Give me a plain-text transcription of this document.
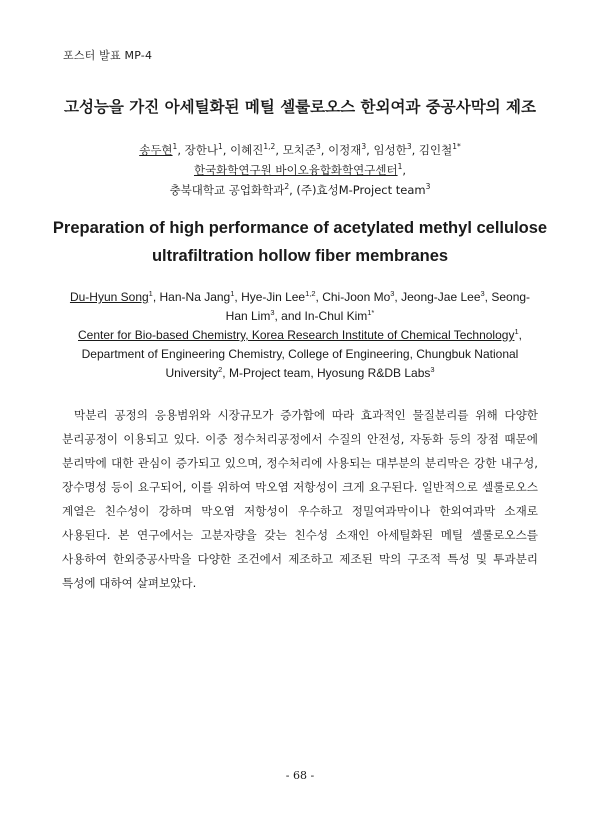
포스터 발표 MP-4
고성능을 가진 아세틸화된 메틸 셀룰로오스 한외여과 중공사막의 제조
송두현$^1$, 장한나$^1$, 이혜진$^{1,2}$, 모치준$^3$, 이정재$^3$, 임성한$^3$, 김인철$^{1*}$
한국화학연구원 바이오융합화학연구센터$^1$,
충북대학교 공업화학과$^2$, (주)효성M-Project team$^3$
Preparation of high performance of acetylated methyl cellulose
ultrafiltration hollow fiber membranes
Du-Hyun Song$^1$, Han-Na Jang$^1$, Hye-Jin Lee$^{1,2}$, Chi-Joon Mo$^3$, Jeong-Jae Lee$^3$, Seong-Han Lim$^3$, and In-Chul Kim$^{1*}$
Center for Bio-based Chemistry, Korea Research Institute of Chemical Technology$^1$,
Department of Engineering Chemistry, College of Engineering, Chungbuk National University$^2$, M-Project team, Hyosung R&DB Labs$^3$
막분리 공정의 응용범위와 시장규모가 증가함에 따라 효과적인 물질분리를 위해 다양한 분리공정이 이용되고 있다. 이중 정수처리공정에서 수질의 안전성, 자동화 등의 장점 때문에 분리막에 대한 관심이 증가되고 있으며, 정수처리에 사용되는 대부분의 분리막은 강한 내구성, 장수명성 등이 요구되어, 이를 위하여 막오염 저항성이 크게 요구된다. 일반적으로 셀룰로오스 계열은 친수성이 강하며 막오염 저항성이 우수하고 정밀여과막이나 한외여과막 소재로 사용된다. 본 연구에서는 고분자량을 갖는 친수성 소재인 아세틸화된 메틸 셀룰로오스를 사용하여 한외중공사막을 다양한 조건에서 제조하고 제조된 막의 구조적 특성 및 투과분리 특성에 대하여 살펴보았다.
- 68 -
